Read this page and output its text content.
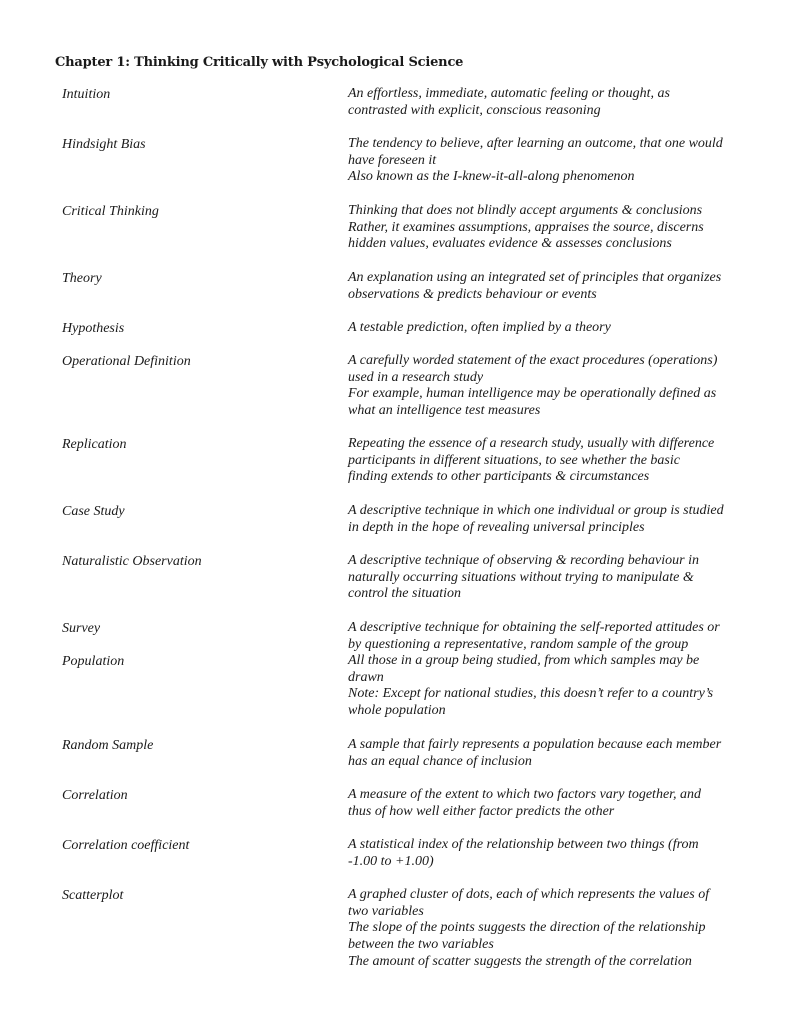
Chapter 1: Thinking Critically with Psychological Science
Intuition	An effortless, immediate, automatic feeling or thought, as
contrasted with explicit, conscious reasoning
Hindsight Bias	The tendency to believe, after learning an outcome, that one would
have foreseen it
Also known as the I-knew-it-all-along phenomenon
Critical Thinking	Thinking that does not blindly accept arguments & conclusions
Rather, it examines assumptions, appraises the source, discerns
hidden values, evaluates evidence & assesses conclusions
Theory	An explanation using an integrated set of principles that organizes
observations & predicts behaviour or events
Hypothesis	A testable prediction, often implied by a theory
Operational Definition	A carefully worded statement of the exact procedures (operations)
used in a research study
For example, human intelligence may be operationally defined as
what an intelligence test measures
Replication	Repeating the essence of a research study, usually with difference
participants in different situations, to see whether the basic
finding extends to other participants & circumstances
Case Study	A descriptive technique in which one individual or group is studied
in depth in the hope of revealing universal principles
Naturalistic Observation	A descriptive technique of observing & recording behaviour in
naturally occurring situations without trying to manipulate &
control the situation
Survey	A descriptive technique for obtaining the self-reported attitudes or
by questioning a representative, random sample of the group
Population	All those in a group being studied, from which samples may be
drawn
Note: Except for national studies, this doesn’t refer to a country’s
whole population
Random Sample	A sample that fairly represents a population because each member
has an equal chance of inclusion
Correlation	A measure of the extent to which two factors vary together, and
thus of how well either factor predicts the other
Correlation coefficient	A statistical index of the relationship between two things (from
-1.00 to +1.00)
Scatterplot	A graphed cluster of dots, each of which represents the values of
two variables
The slope of the points suggests the direction of the relationship
between the two variables
The amount of scatter suggests the strength of the correlation
